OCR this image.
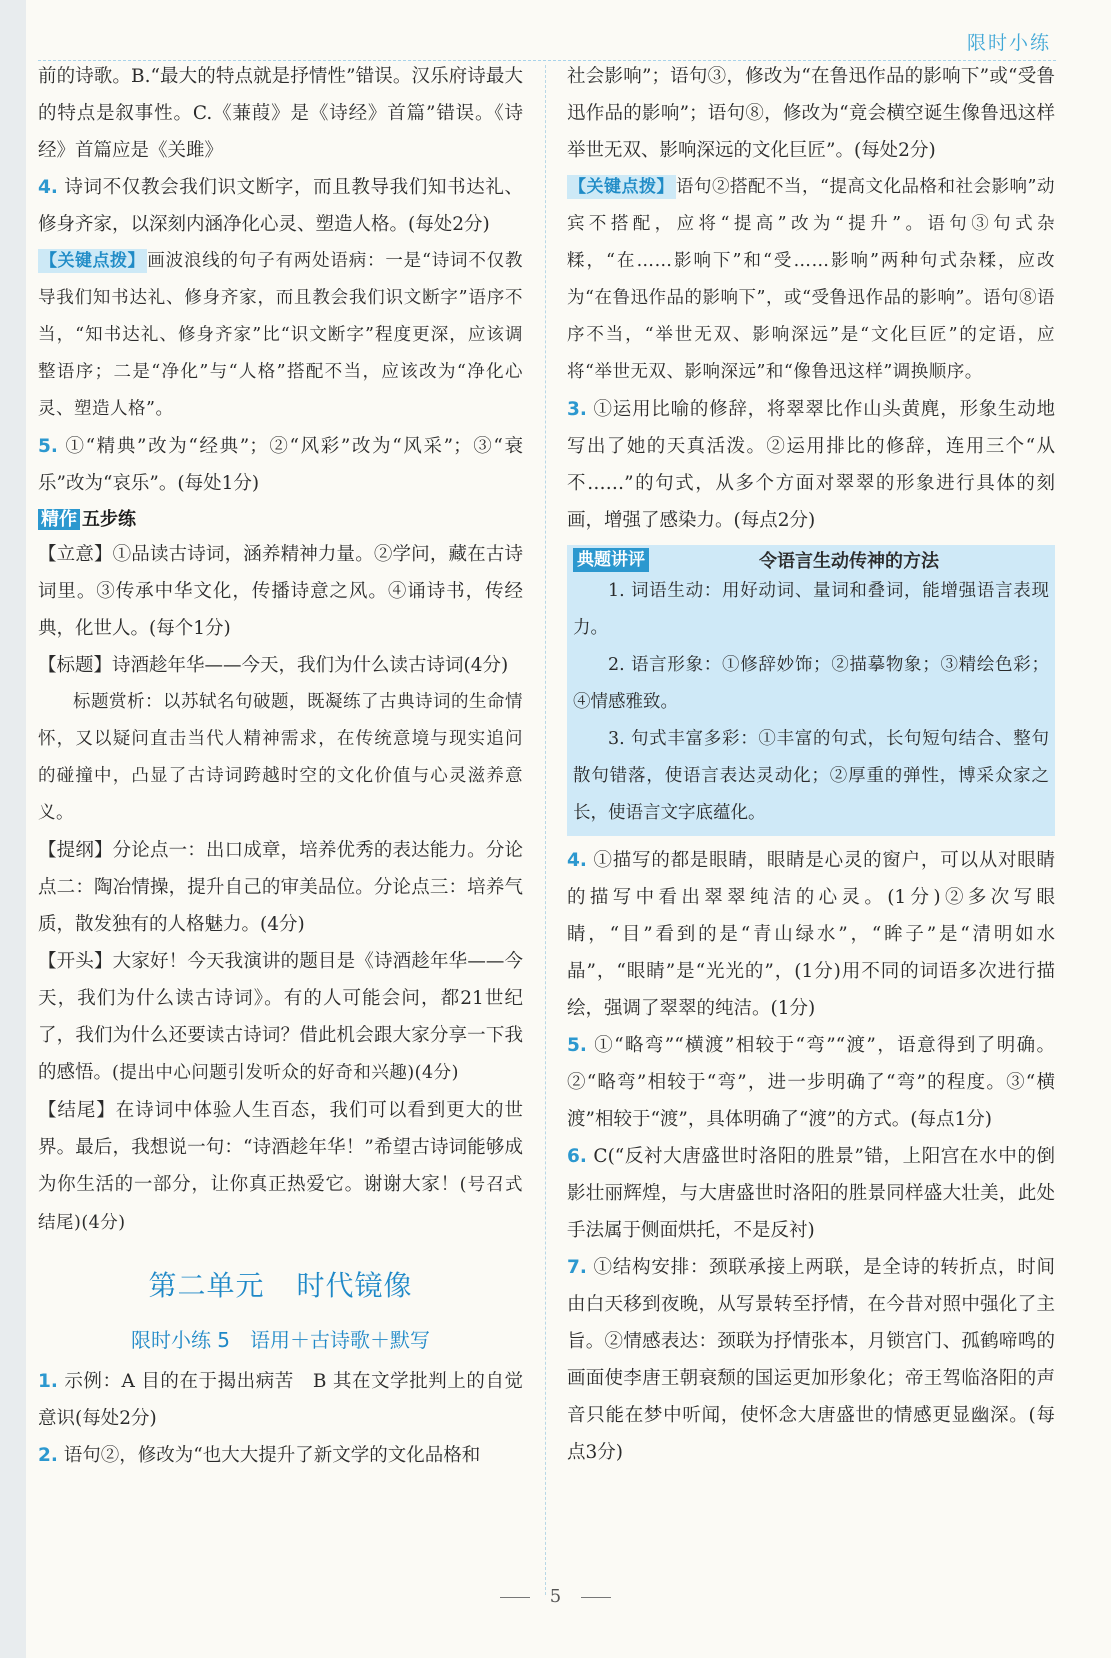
限时小练

前的诗歌。B.“最大的特点就是抒情性”错误。汉乐府诗最大的特点是叙事性。C.《蒹葭》是《诗经》首篇”错误。《诗经》首篇应是《关雎》

4. 诗词不仅教会我们识文断字，而且教导我们知书达礼、修身齐家，以深刻内涵净化心灵、塑造人格。(每处2分)

【关键点拨】 画波浪线的句子有两处语病：一是“诗词不仅教导我们知书达礼、修身齐家，而且教会我们识文断字”语序不当，“知书达礼、修身齐家”比“识文断字”程度更深，应该调整语序；二是“净化”与“人格”搭配不当，应该改为“净化心灵、塑造人格”。

5. ①“精典”改为“经典”；②“风彩”改为“风采”；③“衰乐”改为“哀乐”。(每处1分)

精作 五步练

【立意】①品读古诗词，涵养精神力量。②学问，藏在古诗词里。③传承中华文化，传播诗意之风。④诵诗书，传经典，化世人。(每个1分)

【标题】诗酒趁年华——今天，我们为什么读古诗词(4分)

标题赏析：以苏轼名句破题，既凝练了古典诗词的生命情怀，又以疑问直击当代人精神需求，在传统意境与现实追问的碰撞中，凸显了古诗词跨越时空的文化价值与心灵滋养意义。

【提纲】分论点一：出口成章，培养优秀的表达能力。分论点二：陶冶情操，提升自己的审美品位。分论点三：培养气质，散发独有的人格魅力。(4分)

【开头】大家好！今天我演讲的题目是《诗酒趁年华——今天，我们为什么读古诗词》。有的人可能会问，都21世纪了，我们为什么还要读古诗词？借此机会跟大家分享一下我的感悟。(提出中心问题引发听众的好奇和兴趣)(4分)

【结尾】在诗词中体验人生百态，我们可以看到更大的世界。最后，我想说一句：“诗酒趁年华！”希望古诗词能够成为你生活的一部分，让你真正热爱它。谢谢大家！(号召式结尾)(4分)

第二单元 时代镜像
限时小练 5 语用＋古诗歌＋默写

1. 示例：A 目的在于揭出病苦　B 其在文学批判上的自觉意识(每处2分)

2. 语句②，修改为“也大大提升了新文学的文化品格和

社会影响”；语句③，修改为“在鲁迅作品的影响下”或“受鲁迅作品的影响”；语句⑧，修改为“竟会横空诞生像鲁迅这样举世无双、影响深远的文化巨匠”。(每处2分)

【关键点拨】 语句②搭配不当，“提高文化品格和社会影响”动宾不搭配，应将“提高”改为“提升”。语句③句式杂糅，“在……影响下”和“受……影响”两种句式杂糅，应改为“在鲁迅作品的影响下”，或“受鲁迅作品的影响”。语句⑧语序不当，“举世无双、影响深远”是“文化巨匠”的定语，应将“举世无双、影响深远”和“像鲁迅这样”调换顺序。

3. ①运用比喻的修辞，将翠翠比作山头黄麂，形象生动地写出了她的天真活泼。②运用排比的修辞，连用三个“从不……”的句式，从多个方面对翠翠的形象进行具体的刻画，增强了感染力。(每点2分)

典题讲评	令语言生动传神的方法

1. 词语生动：用好动词、量词和叠词，能增强语言表现力。

2. 语言形象：①修辞妙饰；②描摹物象；③精绘色彩；④情感雅致。

3. 句式丰富多彩：①丰富的句式，长句短句结合、整句散句错落，使语言表达灵动化；②厚重的弹性，博采众家之长，使语言文字底蕴化。

4. ①描写的都是眼睛，眼睛是心灵的窗户，可以从对眼睛的描写中看出翠翠纯洁的心灵。(1分)②多次写眼睛，“目”看到的是“青山绿水”，“眸子”是“清明如水晶”，“眼睛”是“光光的”，(1分)用不同的词语多次进行描绘，强调了翠翠的纯洁。(1分)

5. ①“略弯”“横渡”相较于“弯”“渡”，语意得到了明确。②“略弯”相较于“弯”，进一步明确了“弯”的程度。③“横渡”相较于“渡”，具体明确了“渡”的方式。(每点1分)

6. C(“反衬大唐盛世时洛阳的胜景”错，上阳宫在水中的倒影壮丽辉煌，与大唐盛世时洛阳的胜景同样盛大壮美，此处手法属于侧面烘托，不是反衬)

7. ①结构安排：颈联承接上两联，是全诗的转折点，时间由白天移到夜晚，从写景转至抒情，在今昔对照中强化了主旨。②情感表达：颈联为抒情张本，月锁宫门、孤鹤啼鸣的画面使李唐王朝衰颓的国运更加形象化；帝王驾临洛阳的声音只能在梦中听闻，使怀念大唐盛世的情感更显幽深。(每点3分)

5
